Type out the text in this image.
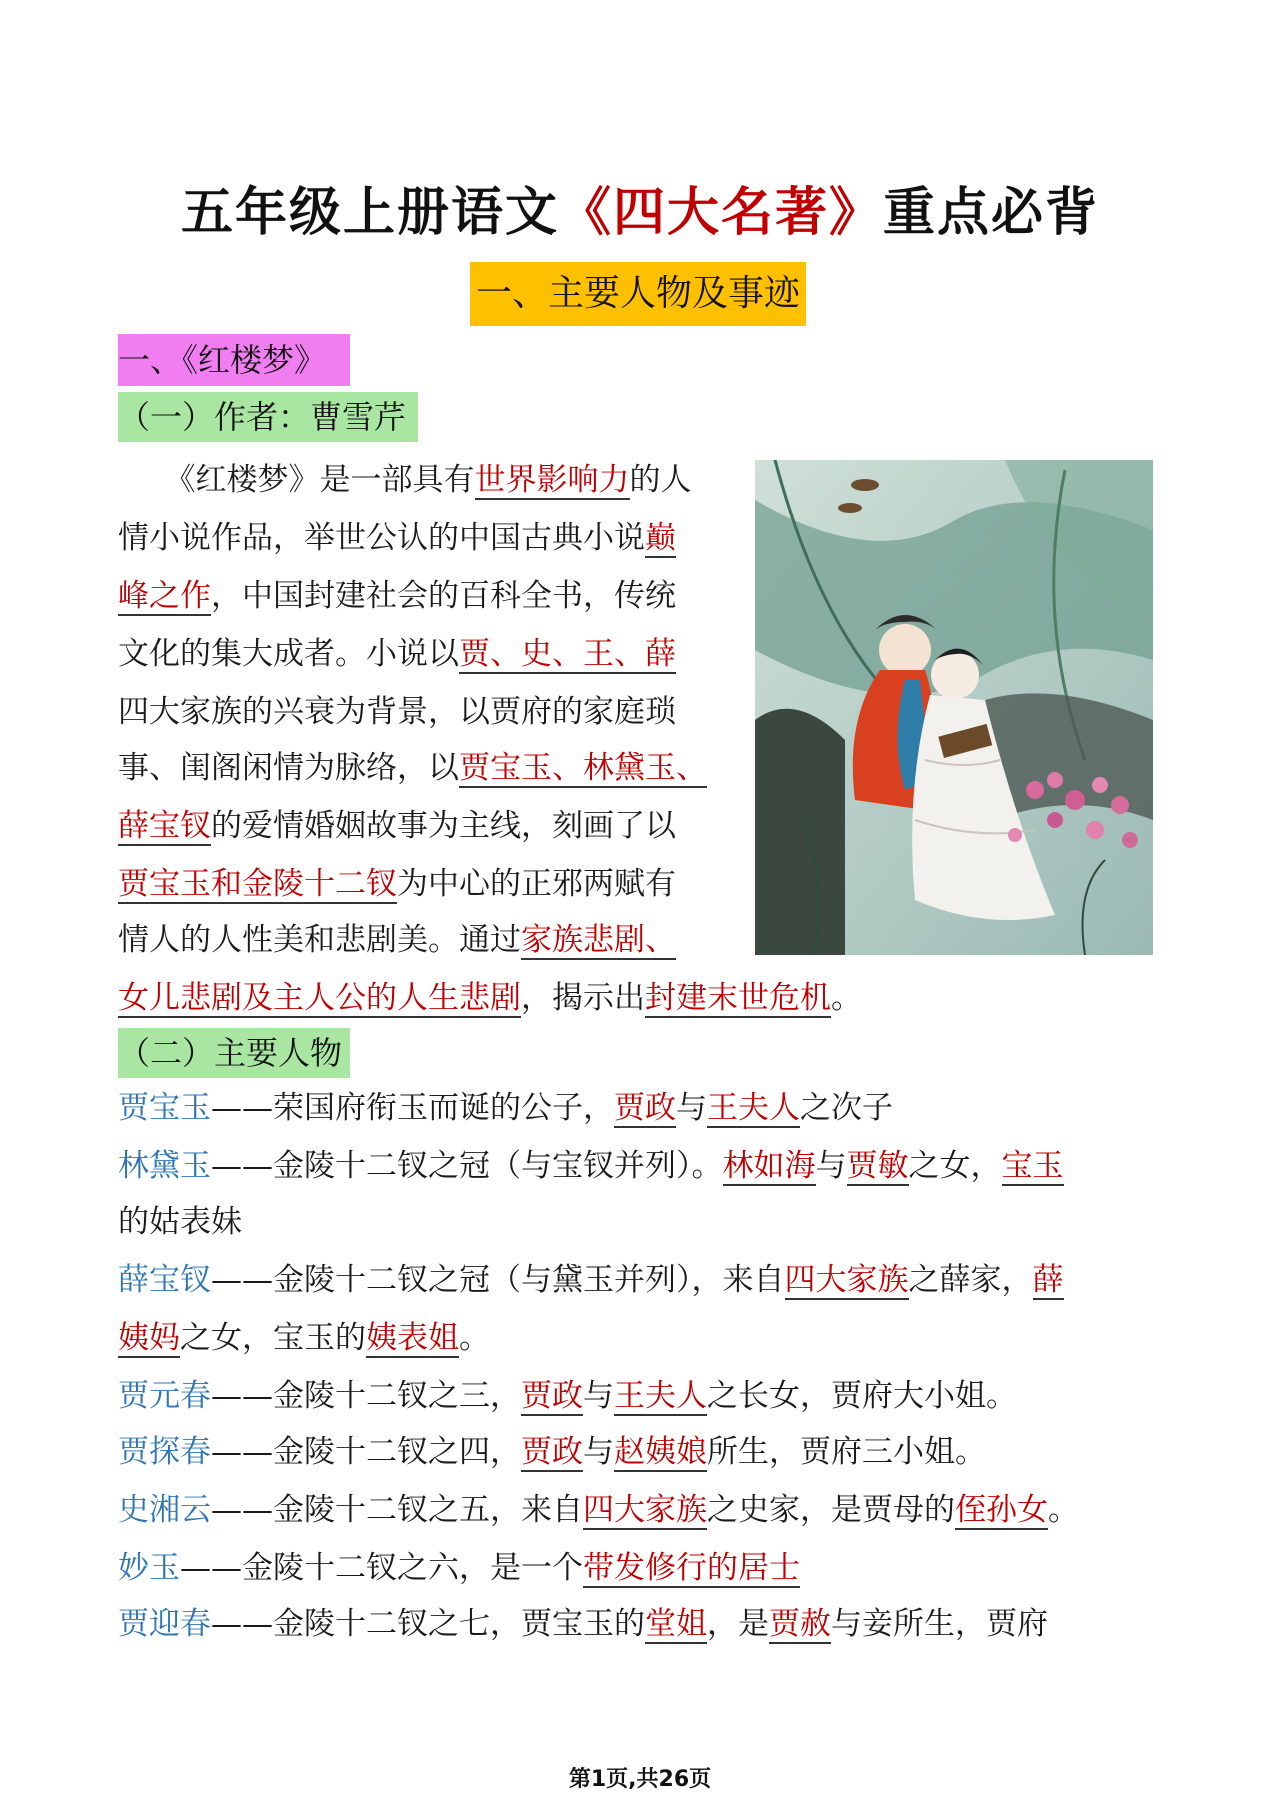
五年级上册语文《四大名著》重点必背
一、主要人物及事迹
一、《红楼梦》
（一）作者：曹雪芹
　　《红楼梦》是一部具有世界影响力的人
情小说作品，举世公认的中国古典小说巅
峰之作，中国封建社会的百科全书，传统
文化的集大成者。小说以贾、史、王、薛
四大家族的兴衰为背景，以贾府的家庭琐
事、闺阁闲情为脉络，以贾宝玉、林黛玉、
薛宝钗的爱情婚姻故事为主线，刻画了以
贾宝玉和金陵十二钗为中心的正邪两赋有
情人的人性美和悲剧美。通过家族悲剧、
女儿悲剧及主人公的人生悲剧，揭示出封建末世危机。
（二）主要人物
贾宝玉——荣国府衔玉而诞的公子，贾政与王夫人之次子
林黛玉——金陵十二钗之冠（与宝钗并列）。林如海与贾敏之女，宝玉
的姑表妹
薛宝钗——金陵十二钗之冠（与黛玉并列），来自四大家族之薛家，薛
姨妈之女，宝玉的姨表姐。
贾元春——金陵十二钗之三，贾政与王夫人之长女，贾府大小姐。
贾探春——金陵十二钗之四，贾政与赵姨娘所生，贾府三小姐。
史湘云——金陵十二钗之五，来自四大家族之史家，是贾母的侄孙女。
妙玉——金陵十二钗之六，是一个带发修行的居士
贾迎春——金陵十二钗之七，贾宝玉的堂姐，是贾赦与妾所生，贾府
第1页,共26页
